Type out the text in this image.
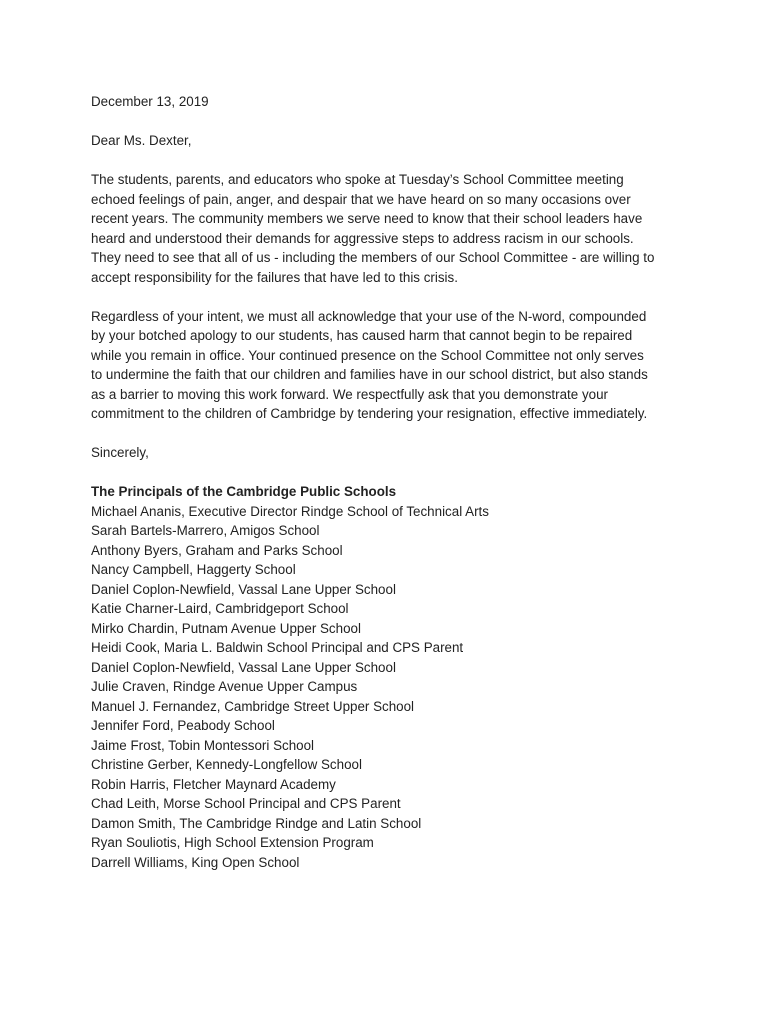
December 13, 2019
Dear Ms. Dexter,
The students, parents, and educators who spoke at Tuesday’s School Committee meeting
echoed feelings of pain, anger, and despair that we have heard on so many occasions over
recent years. The community members we serve need to know that their school leaders have
heard and understood their demands for aggressive steps to address racism in our schools.
They need to see that all of us - including the members of our School Committee - are willing to
accept responsibility for the failures that have led to this crisis.
Regardless of your intent, we must all acknowledge that your use of the N-word, compounded
by your botched apology to our students, has caused harm that cannot begin to be repaired
while you remain in office. Your continued presence on the School Committee not only serves
to undermine the faith that our children and families have in our school district, but also stands
as a barrier to moving this work forward. We respectfully ask that you demonstrate your
commitment to the children of Cambridge by tendering your resignation, effective immediately.
Sincerely,
The Principals of the Cambridge Public Schools
Michael Ananis, Executive Director Rindge School of Technical Arts
Sarah Bartels-Marrero, Amigos School
Anthony Byers, Graham and Parks School
Nancy Campbell, Haggerty School
Daniel Coplon-Newfield, Vassal Lane Upper School
Katie Charner-Laird, Cambridgeport School
Mirko Chardin, Putnam Avenue Upper School
Heidi Cook, Maria L. Baldwin School Principal and CPS Parent
Daniel Coplon-Newfield, Vassal Lane Upper School
Julie Craven, Rindge Avenue Upper Campus
Manuel J. Fernandez, Cambridge Street Upper School
Jennifer Ford, Peabody School
Jaime Frost, Tobin Montessori School
Christine Gerber, Kennedy-Longfellow School
Robin Harris, Fletcher Maynard Academy
Chad Leith, Morse School Principal and CPS Parent
Damon Smith, The Cambridge Rindge and Latin School
Ryan Souliotis, High School Extension Program
Darrell Williams, King Open School
